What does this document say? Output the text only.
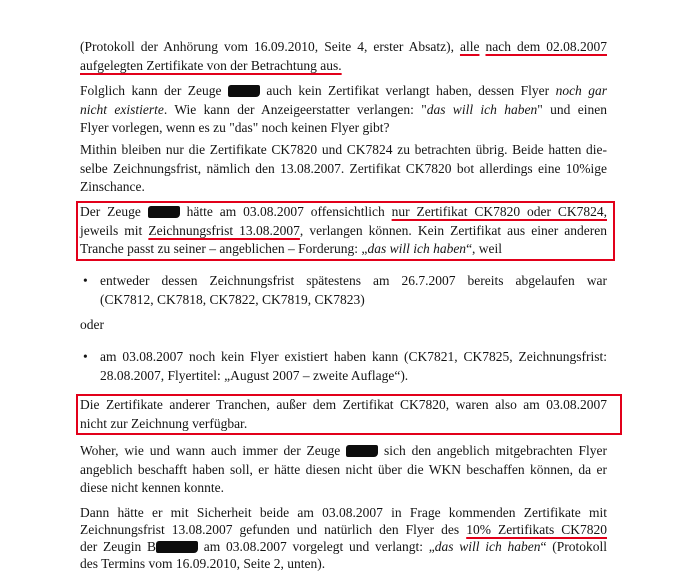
(Protokoll der Anhörung vom 16.09.2010, Seite 4, erster Absatz), alle nach dem 02.08.2007
aufgelegten Zertifikate von der Betrachtung aus.
Folglich kann der Zeuge  auch kein Zertifikat verlangt haben, dessen Flyer noch gar
nicht existierte. Wie kann der Anzeigeerstatter verlangen: "das will ich haben" und einen
Flyer vorlegen, wenn es zu "das" noch keinen Flyer gibt?
Mithin bleiben nur die Zertifikate CK7820 und CK7824 zu betrachten übrig. Beide hatten die-
selbe Zeichnungsfrist, nämlich den 13.08.2007. Zertifikat CK7820 bot allerdings eine 10%ige
Zinschance.
Der Zeuge  hätte am 03.08.2007 offensichtlich nur Zertifikat CK7820 oder CK7824,
jeweils mit Zeichnungsfrist 13.08.2007, verlangen können. Kein Zertifikat aus einer anderen
Tranche passt zu seiner – angeblichen – Forderung: „das will ich haben“, weil
• entweder dessen Zeichnungsfrist spätestens am 26.7.2007 bereits abgelaufen war
(CK7812, CK7818, CK7822, CK7819, CK7823)
oder
• am 03.08.2007 noch kein Flyer existiert haben kann (CK7821, CK7825, Zeichnungsfrist:
28.08.2007, Flyertitel: „August 2007 – zweite Auflage“).
Die Zertifikate anderer Tranchen, außer dem Zertifikat CK7820, waren also am 03.08.2007
nicht zur Zeichnung verfügbar.
Woher, wie und wann auch immer der Zeuge  sich den angeblich mitgebrachten Flyer
angeblich beschafft haben soll, er hätte diesen nicht über die WKN beschaffen können, da er
diese nicht kennen konnte.
Dann hätte er mit Sicherheit beide am 03.08.2007 in Frage kommenden Zertifikate mit
Zeichnungsfrist 13.08.2007 gefunden und natürlich den Flyer des 10% Zertifikats CK7820
der Zeugin B	am 03.08.2007 vorgelegt und verlangt: „das will ich haben“ (Protokoll
des Termins vom 16.09.2010, Seite 2, unten).
